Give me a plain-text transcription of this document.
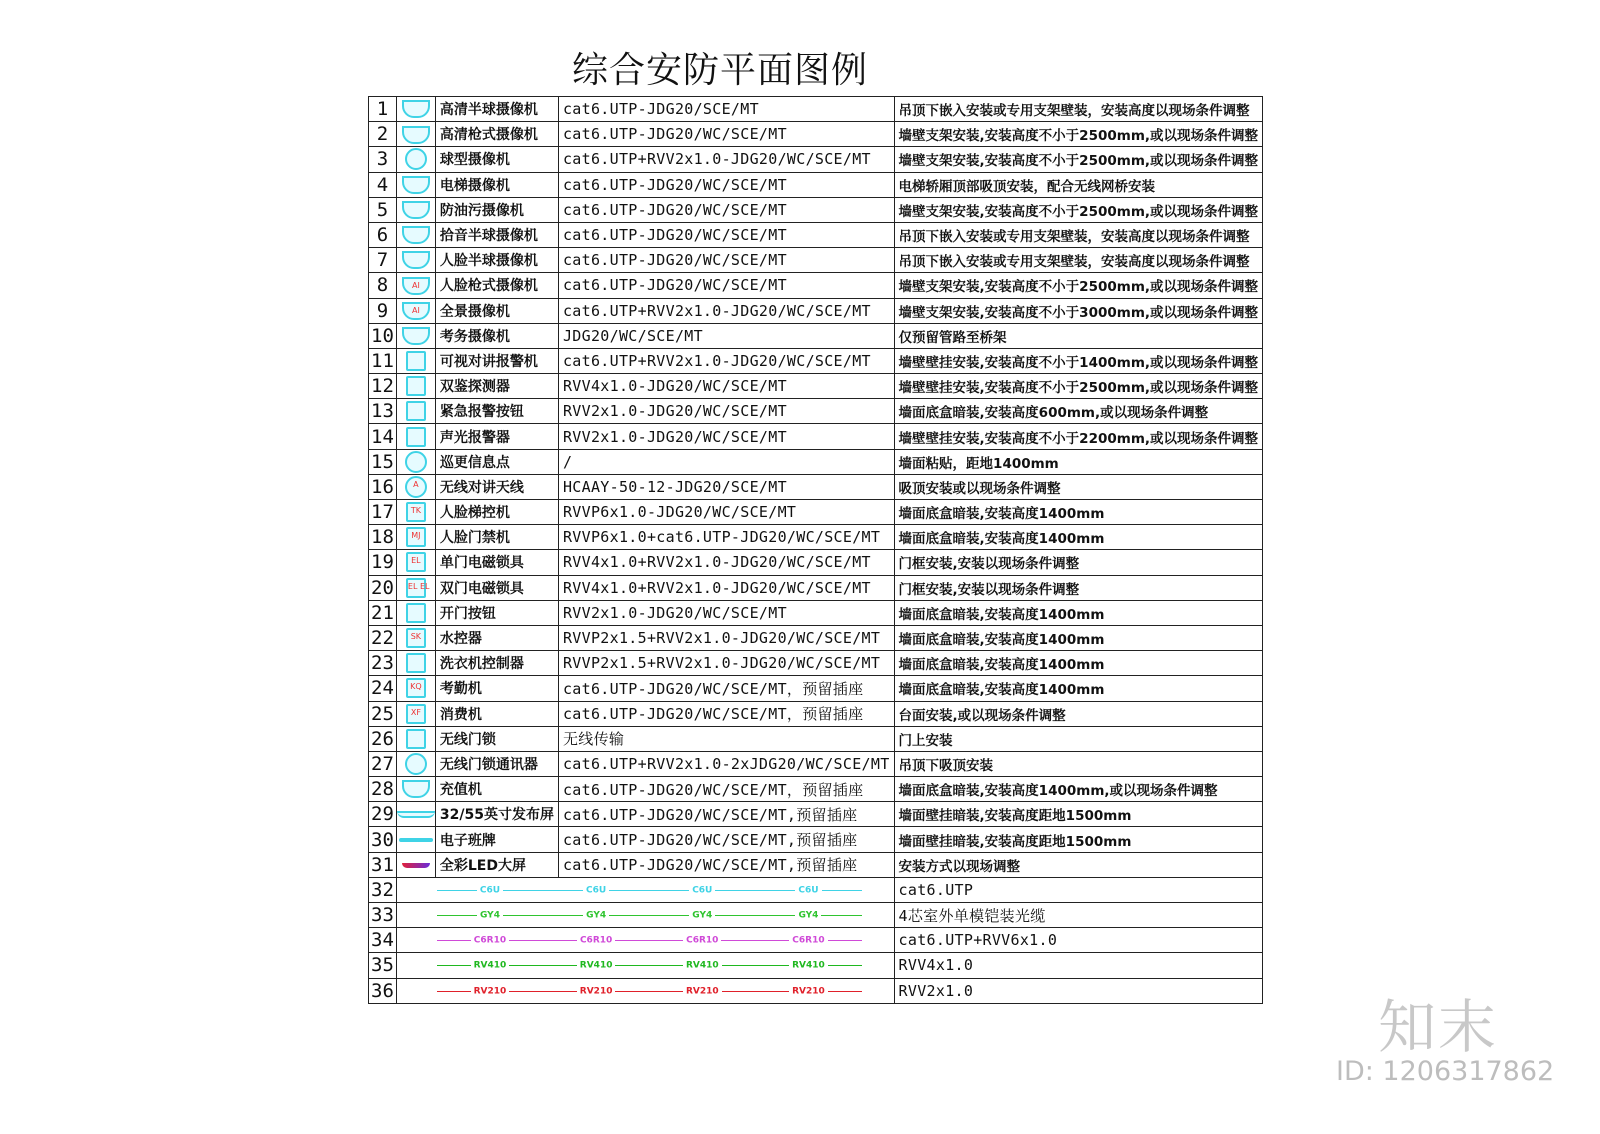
综合安防平面图例
1		高清半球摄像机	cat6.UTP-JDG20/SCE/MT	吊顶下嵌入安装或专用支架壁装，安装高度以现场条件调整
2		高清枪式摄像机	cat6.UTP-JDG20/WC/SCE/MT	墙壁支架安装,安装高度不小于2500mm,或以现场条件调整
3		球型摄像机	cat6.UTP+RVV2x1.0-JDG20/WC/SCE/MT	墙壁支架安装,安装高度不小于2500mm,或以现场条件调整
4		电梯摄像机	cat6.UTP-JDG20/WC/SCE/MT	电梯轿厢顶部吸顶安装，配合无线网桥安装
5		防油污摄像机	cat6.UTP-JDG20/WC/SCE/MT	墙壁支架安装,安装高度不小于2500mm,或以现场条件调整
6		拾音半球摄像机	cat6.UTP-JDG20/WC/SCE/MT	吊顶下嵌入安装或专用支架壁装，安装高度以现场条件调整
7		人脸半球摄像机	cat6.UTP-JDG20/WC/SCE/MT	吊顶下嵌入安装或专用支架壁装，安装高度以现场条件调整
8	AI	人脸枪式摄像机	cat6.UTP-JDG20/WC/SCE/MT	墙壁支架安装,安装高度不小于2500mm,或以现场条件调整
9	AI	全景摄像机	cat6.UTP+RVV2x1.0-JDG20/WC/SCE/MT	墙壁支架安装,安装高度不小于3000mm,或以现场条件调整
10		考务摄像机	JDG20/WC/SCE/MT	仅预留管路至桥架
11		可视对讲报警机	cat6.UTP+RVV2x1.0-JDG20/WC/SCE/MT	墙壁壁挂安装,安装高度不小于1400mm,或以现场条件调整
12		双鉴探测器	RVV4x1.0-JDG20/WC/SCE/MT	墙壁壁挂安装,安装高度不小于2500mm,或以现场条件调整
13		紧急报警按钮	RVV2x1.0-JDG20/WC/SCE/MT	墙面底盒暗装,安装高度600mm,或以现场条件调整
14		声光报警器	RVV2x1.0-JDG20/WC/SCE/MT	墙壁壁挂安装,安装高度不小于2200mm,或以现场条件调整
15		巡更信息点	/	墙面粘贴，距地1400mm
16	A	无线对讲天线	HCAAY-50-12-JDG20/SCE/MT	吸顶安装或以现场条件调整
17	TK	人脸梯控机	RVVP6x1.0-JDG20/WC/SCE/MT	墙面底盒暗装,安装高度1400mm
18	MJ	人脸门禁机	RVVP6x1.0+cat6.UTP-JDG20/WC/SCE/MT	墙面底盒暗装,安装高度1400mm
19	EL	单门电磁锁具	RVV4x1.0+RVV2x1.0-JDG20/WC/SCE/MT	门框安装,安装以现场条件调整
20	EL EL	双门电磁锁具	RVV4x1.0+RVV2x1.0-JDG20/WC/SCE/MT	门框安装,安装以现场条件调整
21		开门按钮	RVV2x1.0-JDG20/WC/SCE/MT	墙面底盒暗装,安装高度1400mm
22	SK	水控器	RVVP2x1.5+RVV2x1.0-JDG20/WC/SCE/MT	墙面底盒暗装,安装高度1400mm
23		洗衣机控制器	RVVP2x1.5+RVV2x1.0-JDG20/WC/SCE/MT	墙面底盒暗装,安装高度1400mm
24	KQ	考勤机	cat6.UTP-JDG20/WC/SCE/MT，预留插座	墙面底盒暗装,安装高度1400mm
25	XF	消费机	cat6.UTP-JDG20/WC/SCE/MT，预留插座	台面安装,或以现场条件调整
26		无线门锁	无线传输	门上安装
27		无线门锁通讯器	cat6.UTP+RVV2x1.0-2xJDG20/WC/SCE/MT	吊顶下吸顶安装
28		充值机	cat6.UTP-JDG20/WC/SCE/MT，预留插座	墙面底盒暗装,安装高度1400mm,或以现场条件调整
29		32/55英寸发布屏	cat6.UTP-JDG20/WC/SCE/MT,预留插座	墙面壁挂暗装,安装高度距地1500mm
30		电子班牌	cat6.UTP-JDG20/WC/SCE/MT,预留插座	墙面壁挂暗装,安装高度距地1500mm
31		全彩LED大屏	cat6.UTP-JDG20/WC/SCE/MT,预留插座	安装方式以现场调整
32	C6U C6U C6U C6U			cat6.UTP
33	GY4 GY4 GY4 GY4			4芯室外单模铠装光缆
34	C6R10 C6R10 C6R10 C6R10			cat6.UTP+RVV6x1.0
35	RV410 RV410 RV410 RV410			RVV4x1.0
36	RV210 RV210 RV210 RV210			RVV2x1.0
知末
ID: 1206317862
